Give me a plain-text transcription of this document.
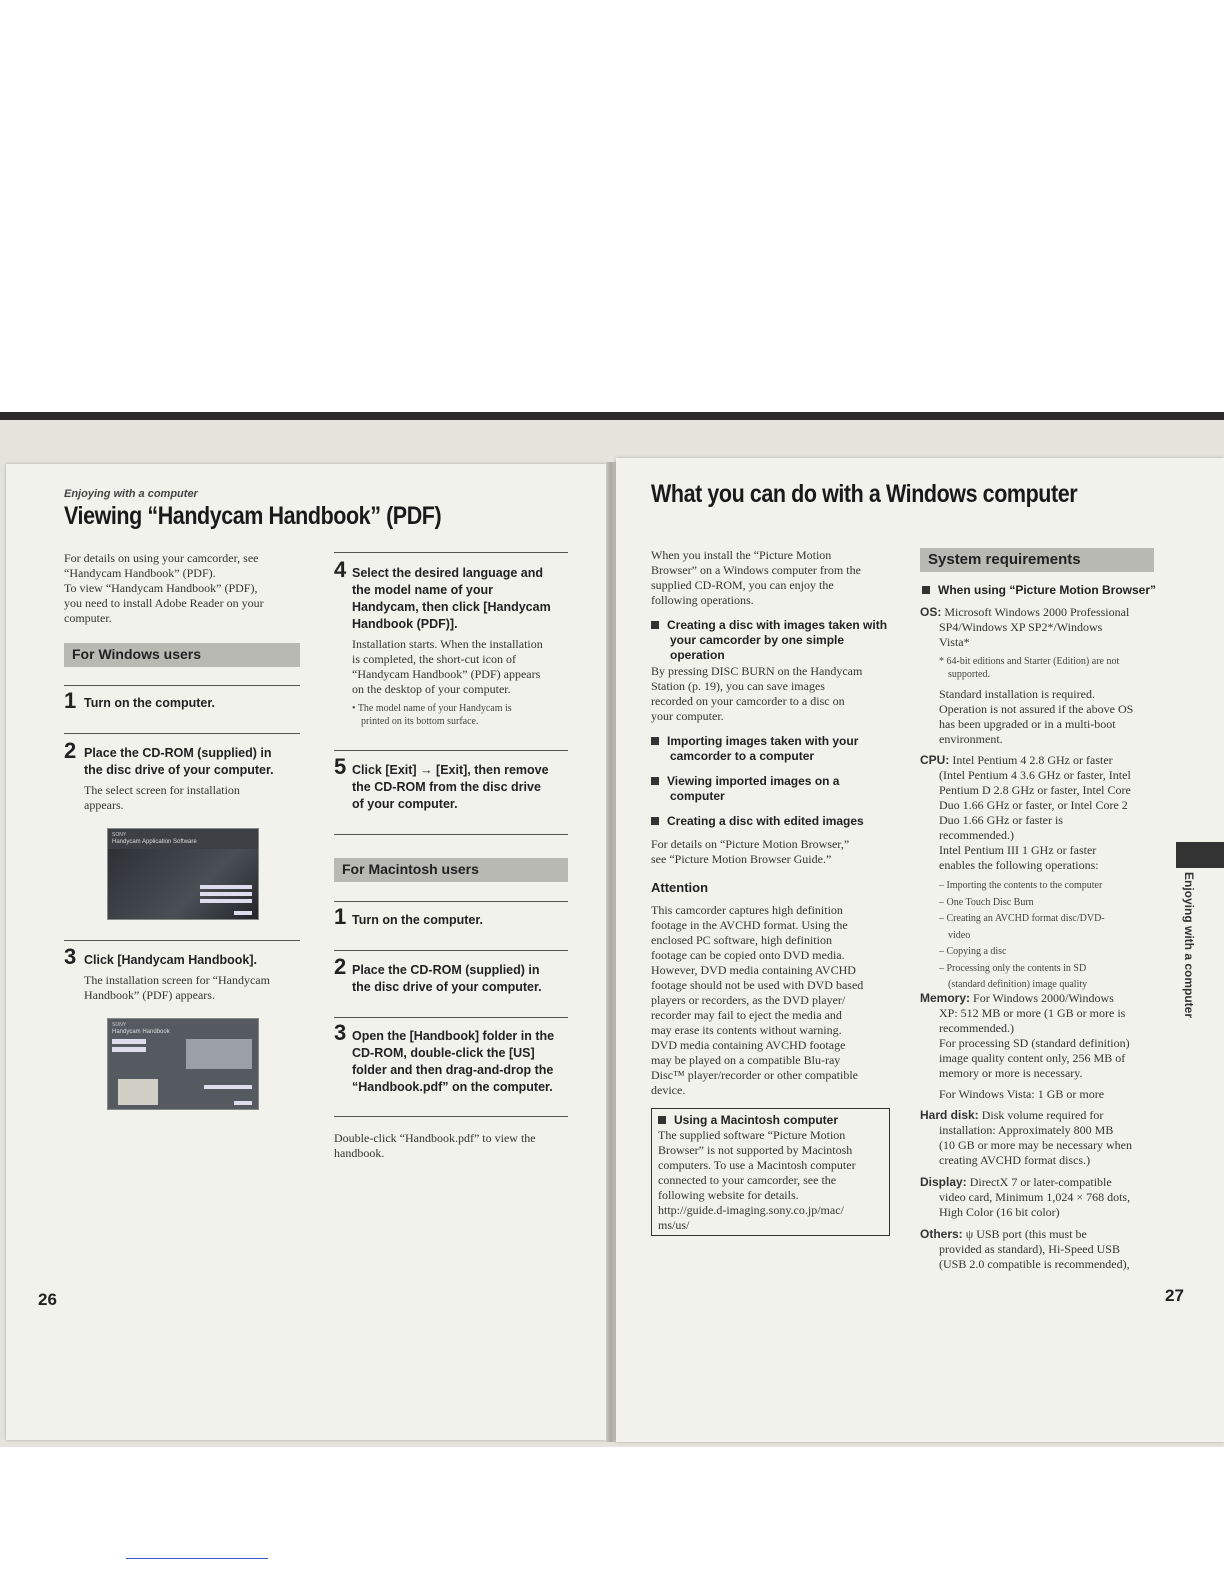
Enjoying with a computer
Viewing “Handycam Handbook” (PDF)
For details on using your camcorder, see
“Handycam Handbook” (PDF).
To view “Handycam Handbook” (PDF),
you need to install Adobe Reader on your
computer.
For Windows users
1 Turn on the computer.
2 Place the CD-ROM (supplied) in
the disc drive of your computer.
The select screen for installation
appears.
SONY
Handycam Application Software
3 Click [Handycam Handbook].
The installation screen for “Handycam
Handbook” (PDF) appears.
SONY
Handycam Handbook
4 Select the desired language and
the model name of your
Handycam, then click [Handycam
Handbook (PDF)].
Installation starts. When the installation
is completed, the short-cut icon of
“Handycam Handbook” (PDF) appears
on the desktop of your computer.
• The model name of your Handycam is
printed on its bottom surface.
5 Click [Exit] → [Exit], then remove
the CD-ROM from the disc drive
of your computer.
For Macintosh users
1 Turn on the computer.
2 Place the CD-ROM (supplied) in
the disc drive of your computer.
3 Open the [Handbook] folder in the
CD-ROM, double-click the [US]
folder and then drag-and-drop the
“Handbook.pdf” on the computer.
Double-click “Handbook.pdf” to view the
handbook.
26
What you can do with a Windows computer
When you install the “Picture Motion
Browser” on a Windows computer from the
supplied CD-ROM, you can enjoy the
following operations.
Creating a disc with images taken with
your camcorder by one simple
operation
By pressing DISC BURN on the Handycam
Station (p. 19), you can save images
recorded on your camcorder to a disc on
your computer.
Importing images taken with your
camcorder to a computer
Viewing imported images on a
computer
Creating a disc with edited images
For details on “Picture Motion Browser,”
see “Picture Motion Browser Guide.”
Attention
This camcorder captures high definition
footage in the AVCHD format. Using the
enclosed PC software, high definition
footage can be copied onto DVD media.
However, DVD media containing AVCHD
footage should not be used with DVD based
players or recorders, as the DVD player/
recorder may fail to eject the media and
may erase its contents without warning.
DVD media containing AVCHD footage
may be played on a compatible Blu-ray
Disc™ player/recorder or other compatible
device.
Using a Macintosh computer
The supplied software “Picture Motion
Browser” is not supported by Macintosh
computers. To use a Macintosh computer
connected to your camcorder, see the
following website for details.
http://guide.d-imaging.sony.co.jp/mac/
ms/us/
System requirements
When using “Picture Motion Browser”
OS: Microsoft Windows 2000 Professional
SP4/Windows XP SP2*/Windows
Vista*
* 64-bit editions and Starter (Edition) are not
supported.
Standard installation is required.
Operation is not assured if the above OS
has been upgraded or in a multi-boot
environment.
CPU: Intel Pentium 4 2.8 GHz or faster
(Intel Pentium 4 3.6 GHz or faster, Intel
Pentium D 2.8 GHz or faster, Intel Core
Duo 1.66 GHz or faster, or Intel Core 2
Duo 1.66 GHz or faster is
recommended.)
Intel Pentium III 1 GHz or faster
enables the following operations:
– Importing the contents to the computer
– One Touch Disc Burn
– Creating an AVCHD format disc/DVD-
video
– Copying a disc
– Processing only the contents in SD
(standard definition) image quality
Memory: For Windows 2000/Windows
XP: 512 MB or more (1 GB or more is
recommended.)
For processing SD (standard definition)
image quality content only, 256 MB of
memory or more is necessary.
For Windows Vista: 1 GB or more
Hard disk: Disk volume required for
installation: Approximately 800 MB
(10 GB or more may be necessary when
creating AVCHD format discs.)
Display: DirectX 7 or later-compatible
video card, Minimum 1,024 × 768 dots,
High Color (16 bit color)
Others: ψ USB port (this must be
provided as standard), Hi-Speed USB
(USB 2.0 compatible is recommended),
Enjoying with a computer
27
